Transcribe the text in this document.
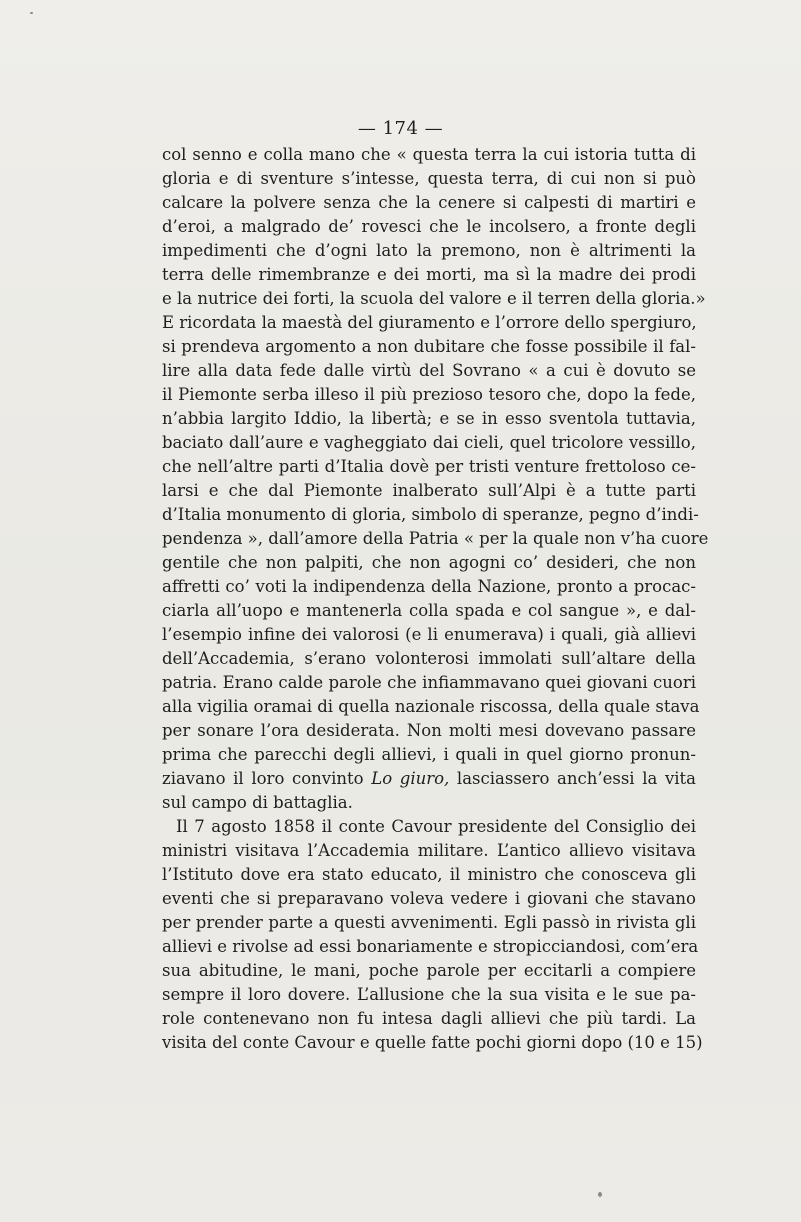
— 174 —
col senno e colla mano che « questa terra la cui istoria tutta di
gloria e di sventure s’intesse, questa terra, di cui non si può
calcare la polvere senza che la cenere si calpesti di martiri e
d’eroi, a malgrado de’ rovesci che le incolsero, a fronte degli
impedimenti che d’ogni lato la premono, non è altrimenti la
terra delle rimembranze e dei morti, ma sì la madre dei prodi
e la nutrice dei forti, la scuola del valore e il terren della gloria.»
E ricordata la maestà del giuramento e l’orrore dello spergiuro,
si prendeva argomento a non dubitare che fosse possibile il fal-
lire alla data fede dalle virtù del Sovrano « a cui è dovuto se
il Piemonte serba illeso il più prezioso tesoro che, dopo la fede,
n’abbia largito Iddio, la libertà; e se in esso sventola tuttavia,
baciato dall’aure e vagheggiato dai cieli, quel tricolore vessillo,
che nell’altre parti d’Italia dovè per tristi venture frettoloso ce-
larsi e che dal Piemonte inalberato sull’Alpi è a tutte parti
d’Italia monumento di gloria, simbolo di speranze, pegno d’indi-
pendenza », dall’amore della Patria « per la quale non v’ha cuore
gentile che non palpiti, che non agogni co’ desideri, che non
affretti co’ voti la indipendenza della Nazione, pronto a procac-
ciarla all’uopo e mantenerla colla spada e col sangue », e dal-
l’esempio infine dei valorosi (e li enumerava) i quali, già allievi
dell’Accademia, s’erano volonterosi immolati sull’altare della
patria. Erano calde parole che infiammavano quei giovani cuori
alla vigilia oramai di quella nazionale riscossa, della quale stava
per sonare l’ora desiderata. Non molti mesi dovevano passare
prima che parecchi degli allievi, i quali in quel giorno pronun-
ziavano il loro convinto Lo giuro, lasciassero anch’essi la vita
sul campo di battaglia.
Il 7 agosto 1858 il conte Cavour presidente del Consiglio dei
ministri visitava l’Accademia militare. L’antico allievo visitava
l’Istituto dove era stato educato, il ministro che conosceva gli
eventi che si preparavano voleva vedere i giovani che stavano
per prender parte a questi avvenimenti. Egli passò in rivista gli
allievi e rivolse ad essi bonariamente e stropicciandosi, com’era
sua abitudine, le mani, poche parole per eccitarli a compiere
sempre il loro dovere. L’allusione che la sua visita e le sue pa-
role contenevano non fu intesa dagli allievi che più tardi. La
visita del conte Cavour e quelle fatte pochi giorni dopo (10 e 15)
